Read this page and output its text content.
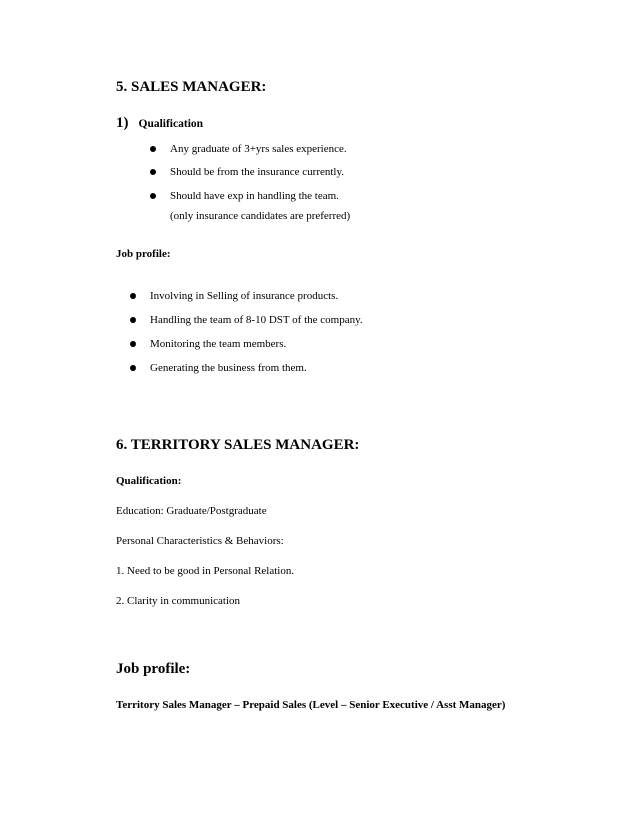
5. SALES MANAGER:
1) Qualification
Any graduate of 3+yrs sales experience.
Should be from the insurance currently.
Should have exp in handling the team.
(only insurance candidates are preferred)
Job profile:
Involving in Selling of insurance products.
Handling the team of 8-10 DST of the company.
Monitoring the team members.
Generating the business from them.
6. TERRITORY SALES MANAGER:
Qualification:
Education: Graduate/Postgraduate
Personal Characteristics & Behaviors:
1. Need to be good in Personal Relation.
2. Clarity in communication
Job profile:
Territory Sales Manager – Prepaid Sales (Level – Senior Executive / Asst Manager)
